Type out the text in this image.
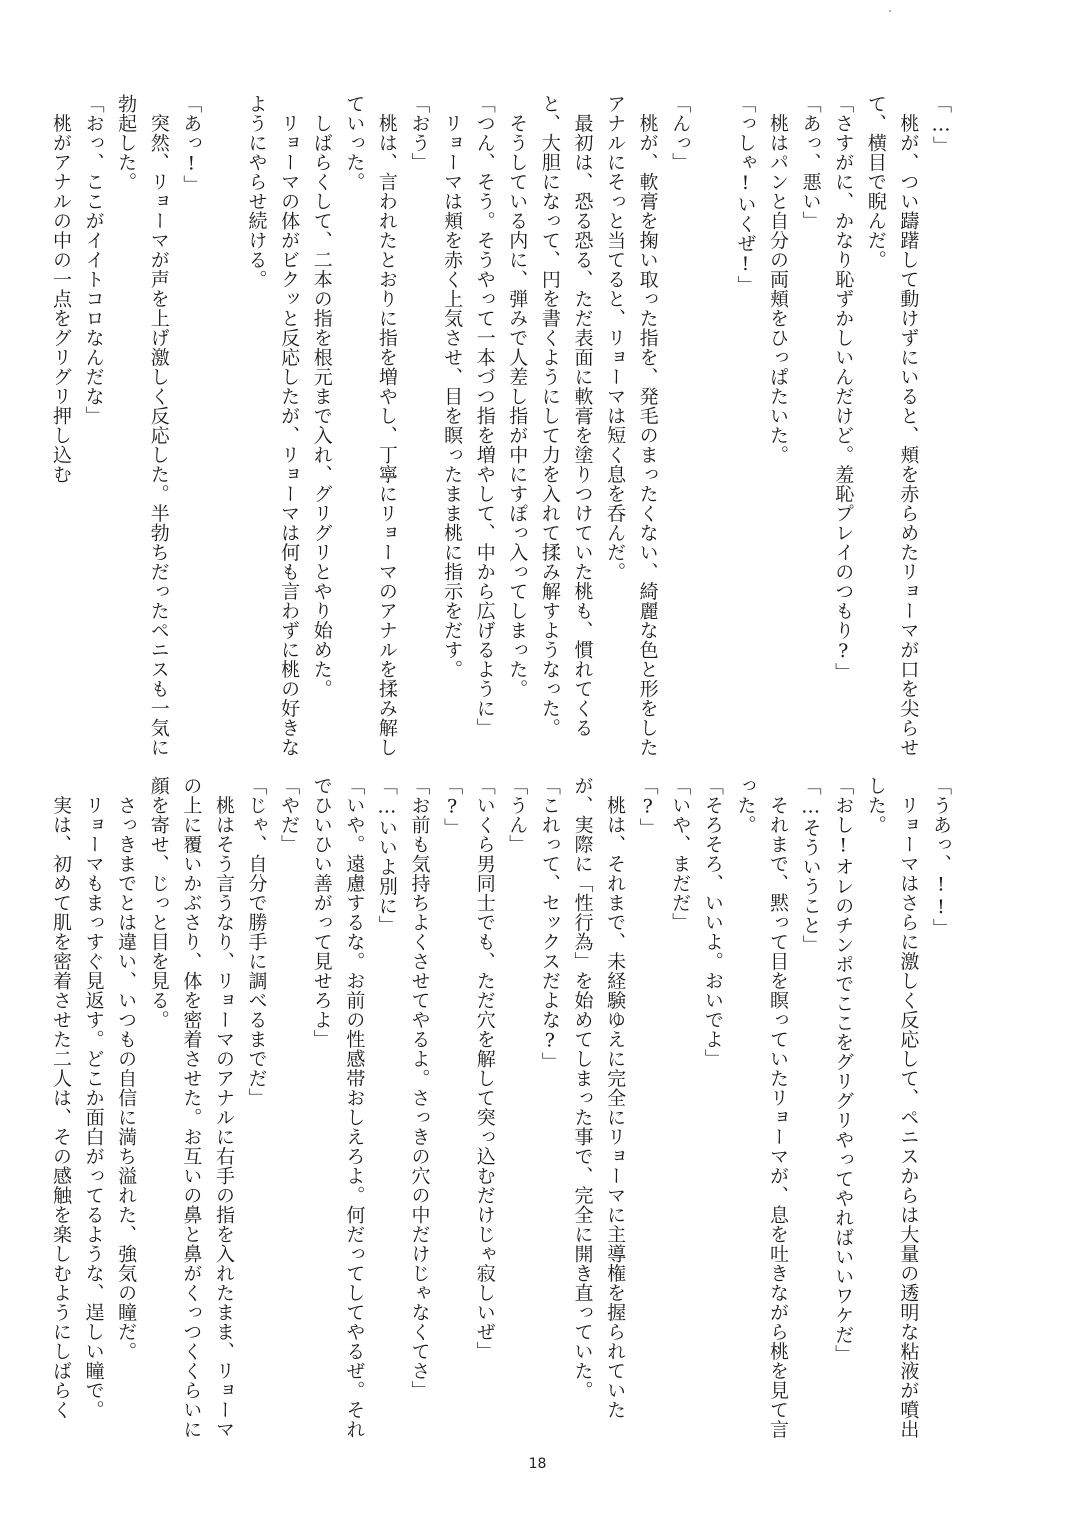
「…」
　桃が、つい躊躇して動けずにいると、頬を赤らめたリョーマが口を尖らせ
て、横目で睨んだ。
「さすがに、かなり恥ずかしいんだけど。羞恥プレイのつもり?」
「あっ、悪い」
　桃はパンと自分の両頬をひっぱたいた。
「っしゃ!いくぜ!」

「んっ」
　桃が、軟膏を掬い取った指を、発毛のまったくない、綺麗な色と形をした
アナルにそっと当てると、リョーマは短く息を呑んだ。
　最初は、恐る恐る、ただ表面に軟膏を塗りつけていた桃も、慣れてくる
と、大胆になって、円を書くようにして力を入れて揉み解すようなった。
　そうしている内に、弾みで人差し指が中にすぽっ入ってしまった。
「つん、そう。そうやって一本づつ指を増やして、中から広げるように」
　リョーマは頬を赤く上気させ、目を瞑ったまま桃に指示をだす。
「おう」
　桃は、言われたとおりに指を増やし、丁寧にリョーマのアナルを揉み解し
ていった。
　しばらくして、二本の指を根元まで入れ、グリグリとやり始めた。
　リョーマの体がビクッと反応したが、リョーマは何も言わずに桃の好きな
ようにやらせ続ける。

「あっ!」
　突然、リョーマが声を上げ激しく反応した。半勃ちだったペニスも一気に
勃起した。
「おっ、ここがイイトコロなんだな」
　桃がアナルの中の一点をグリグリ押し込む
「うあっ、!!」
　リョーマはさらに激しく反応して、ペニスからは大量の透明な粘液が噴出
した。
「おし!オレのチンポでここをグリグリやってやればいいワケだ」
「…そういうこと」
　それまで、黙って目を瞑っていたリョーマが、息を吐きながら桃を見て言
った。
「そろそろ、いいよ。おいでよ」
「いや、まだだ」
「?」
　桃は、それまで、未経験ゆえに完全にリョーマに主導権を握られていた
が、実際に「性行為」を始めてしまった事で、完全に開き直っていた。
「これって、セックスだよな?」
「うん」
「いくら男同士でも、ただ穴を解して突っ込むだけじゃ寂しいぜ」
「?」
「お前も気持ちよくさせてやるよ。さっきの穴の中だけじゃなくてさ」
「…いいよ別に」
「いや。遠慮するな。お前の性感帯おしえろよ。何だってしてやるぜ。それ
でひいひい善がって見せろよ」
「やだ」
「じゃ、自分で勝手に調べるまでだ」
　桃はそう言うなり、リョーマのアナルに右手の指を入れたまま、リョーマ
の上に覆いかぶさり、体を密着させた。お互いの鼻と鼻がくっつくくらいに
顔を寄せ、じっと目を見る。
　さっきまでとは違い、いつもの自信に満ち溢れた、強気の瞳だ。
　リョーマもまっすぐ見返す。どこか面白がってるような、逞しい瞳で。
　実は、初めて肌を密着させた二人は、その感触を楽しむようにしばらく
18
